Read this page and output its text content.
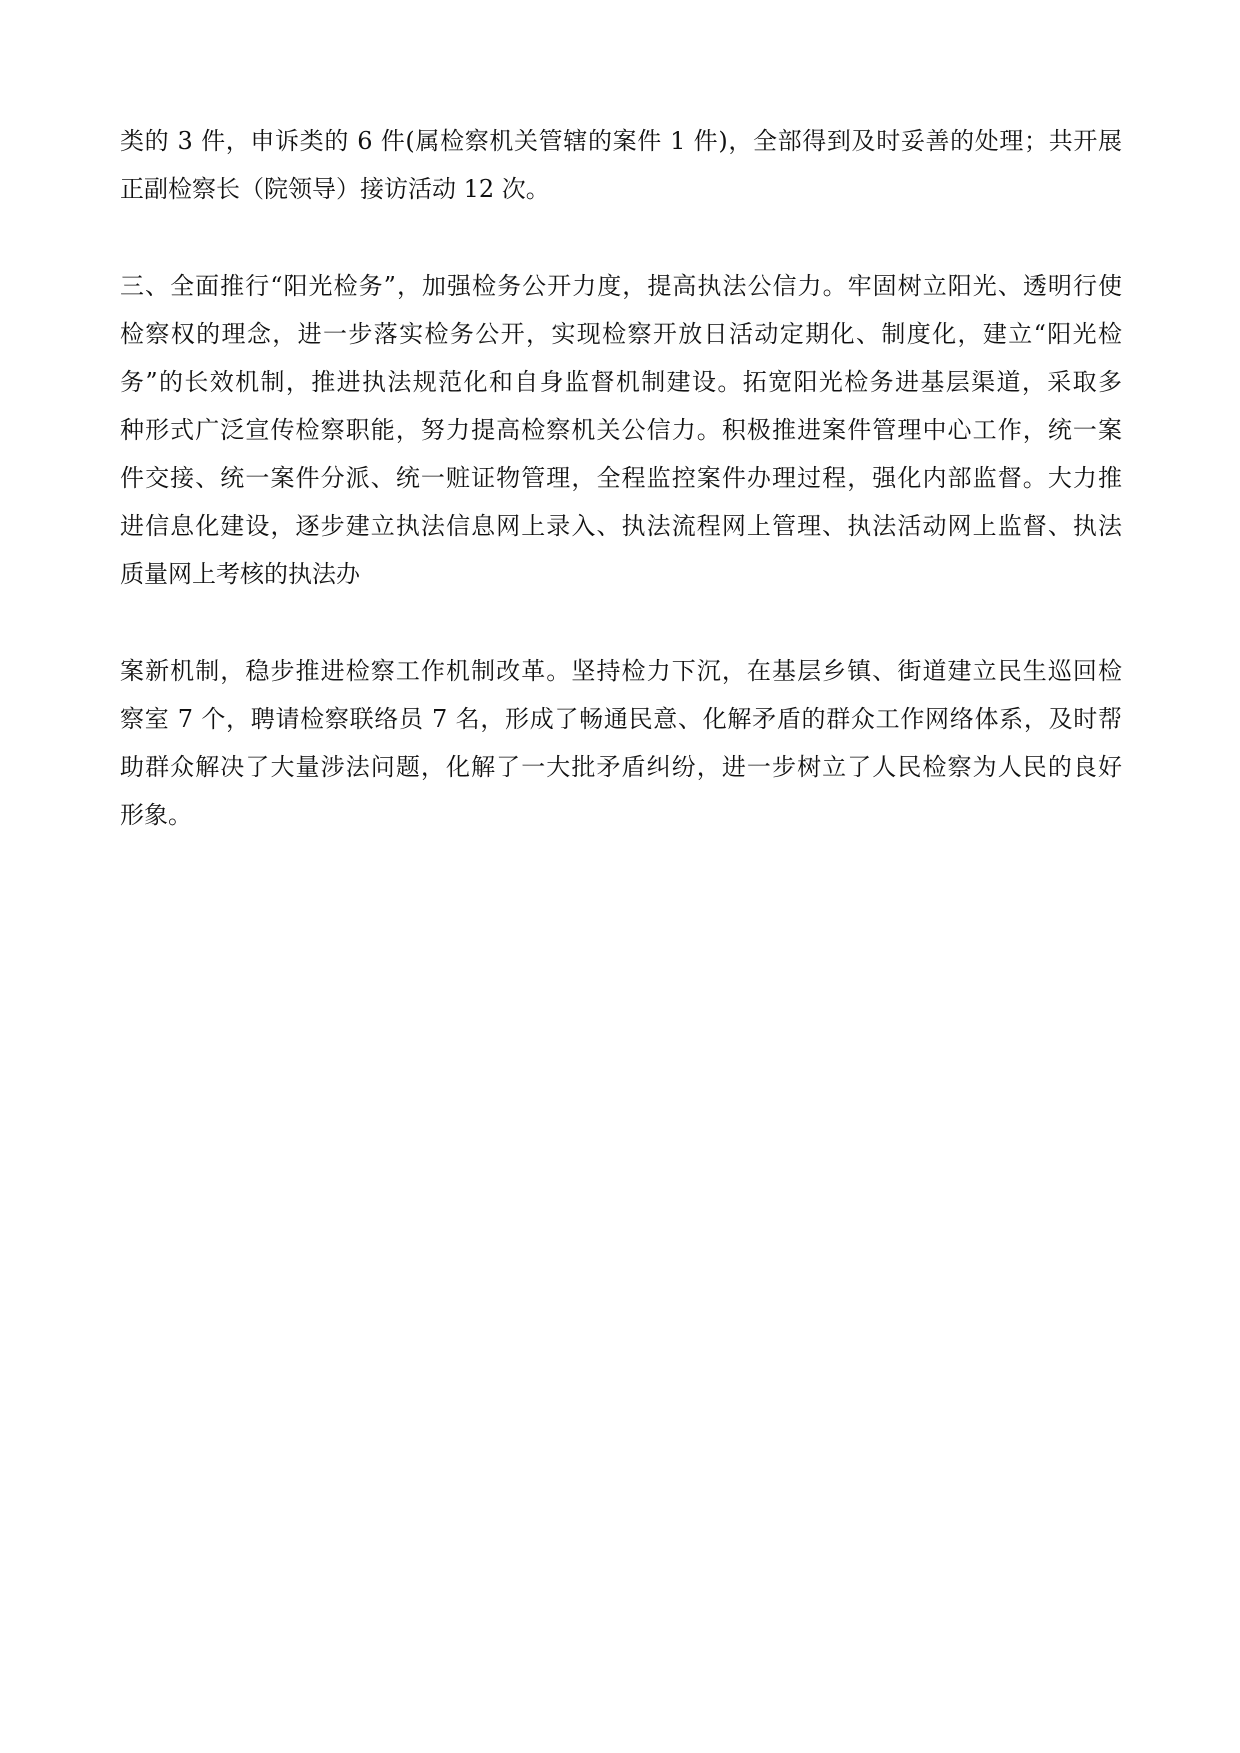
类的 3 件，申诉类的 6 件(属检察机关管辖的案件 1 件)，全部得到及时妥善的处理；共开展
正副检察长（院领导）接访活动 12 次。

三、全面推行“阳光检务”，加强检务公开力度，提高执法公信力。牢固树立阳光、透明行使
检察权的理念，进一步落实检务公开，实现检察开放日活动定期化、制度化，建立“阳光检
务”的长效机制，推进执法规范化和自身监督机制建设。拓宽阳光检务进基层渠道，采取多
种形式广泛宣传检察职能，努力提高检察机关公信力。积极推进案件管理中心工作，统一案
件交接、统一案件分派、统一赃证物管理，全程监控案件办理过程，强化内部监督。大力推
进信息化建设，逐步建立执法信息网上录入、执法流程网上管理、执法活动网上监督、执法
质量网上考核的执法办

案新机制，稳步推进检察工作机制改革。坚持检力下沉，在基层乡镇、街道建立民生巡回检
察室 7 个，聘请检察联络员 7 名，形成了畅通民意、化解矛盾的群众工作网络体系，及时帮
助群众解决了大量涉法问题，化解了一大批矛盾纠纷，进一步树立了人民检察为人民的良好
形象。
